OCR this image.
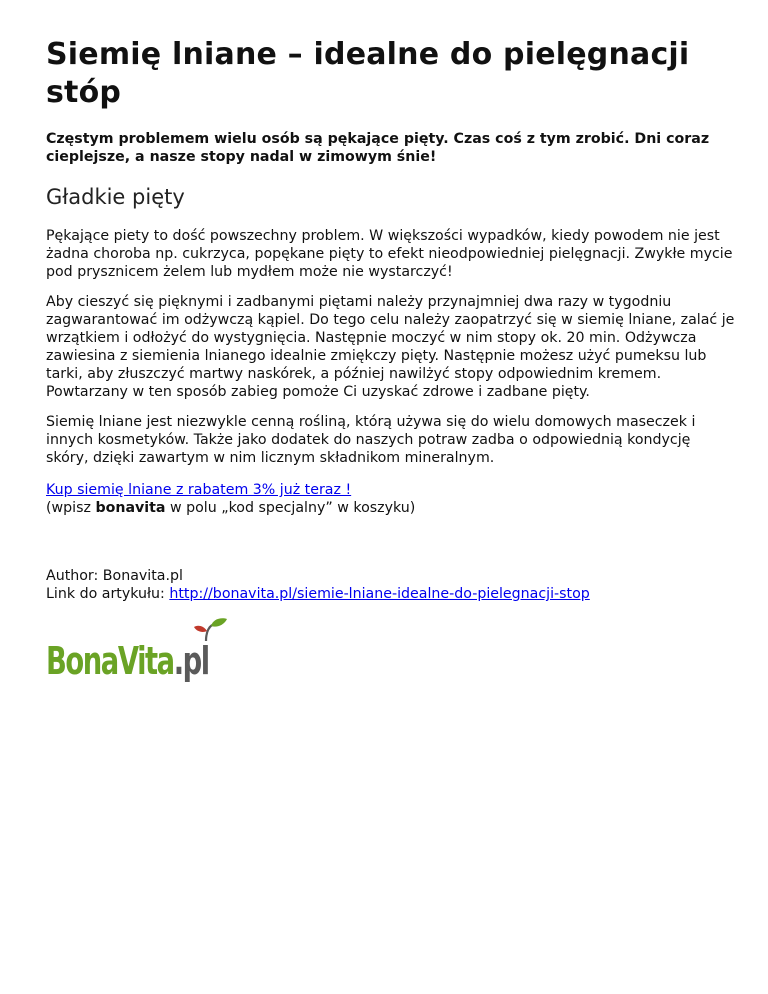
Siemię lniane – idealne do pielęgnacji stóp
Częstym problemem wielu osób są pękające pięty. Czas coś z tym zrobić. Dni coraz cieplejsze, a nasze stopy nadal w zimowym śnie!
Gładkie pięty

Pękające piety to dość powszechny problem. W większości wypadków, kiedy powodem nie jest żadna choroba np. cukrzyca, popękane pięty to efekt nieodpowiedniej pielęgnacji. Zwykłe mycie pod prysznicem żelem lub mydłem może nie wystarczyć!

Aby cieszyć się pięknymi i zadbanymi piętami należy przynajmniej dwa razy w tygodniu zagwarantować im odżywczą kąpiel. Do tego celu należy zaopatrzyć się w siemię lniane, zalać je wrzątkiem i odłożyć do wystygnięcia. Następnie moczyć w nim stopy ok. 20 min. Odżywcza zawiesina z siemienia lnianego idealnie zmiękczy pięty. Następnie możesz użyć pumeksu lub tarki, aby złuszczyć martwy naskórek, a później nawilżyć stopy odpowiednim kremem. Powtarzany w ten sposób zabieg pomoże Ci uzyskać zdrowe i zadbane pięty.

Siemię lniane jest niezwykle cenną rośliną, którą używa się do wielu domowych maseczek i innych kosmetyków. Także jako dodatek do naszych potraw zadba o odpowiednią kondycję skóry, dzięki zawartym w nim licznym składnikom mineralnym.

Kup siemię lniane z rabatem 3% już teraz !
(wpisz bonavita w polu „kod specjalny” w koszyku)
Author: Bonavita.pl
Link do artykułu: http://bonavita.pl/siemie-lniane-idealne-do-pielegnacji-stop
BonaVita.pl
